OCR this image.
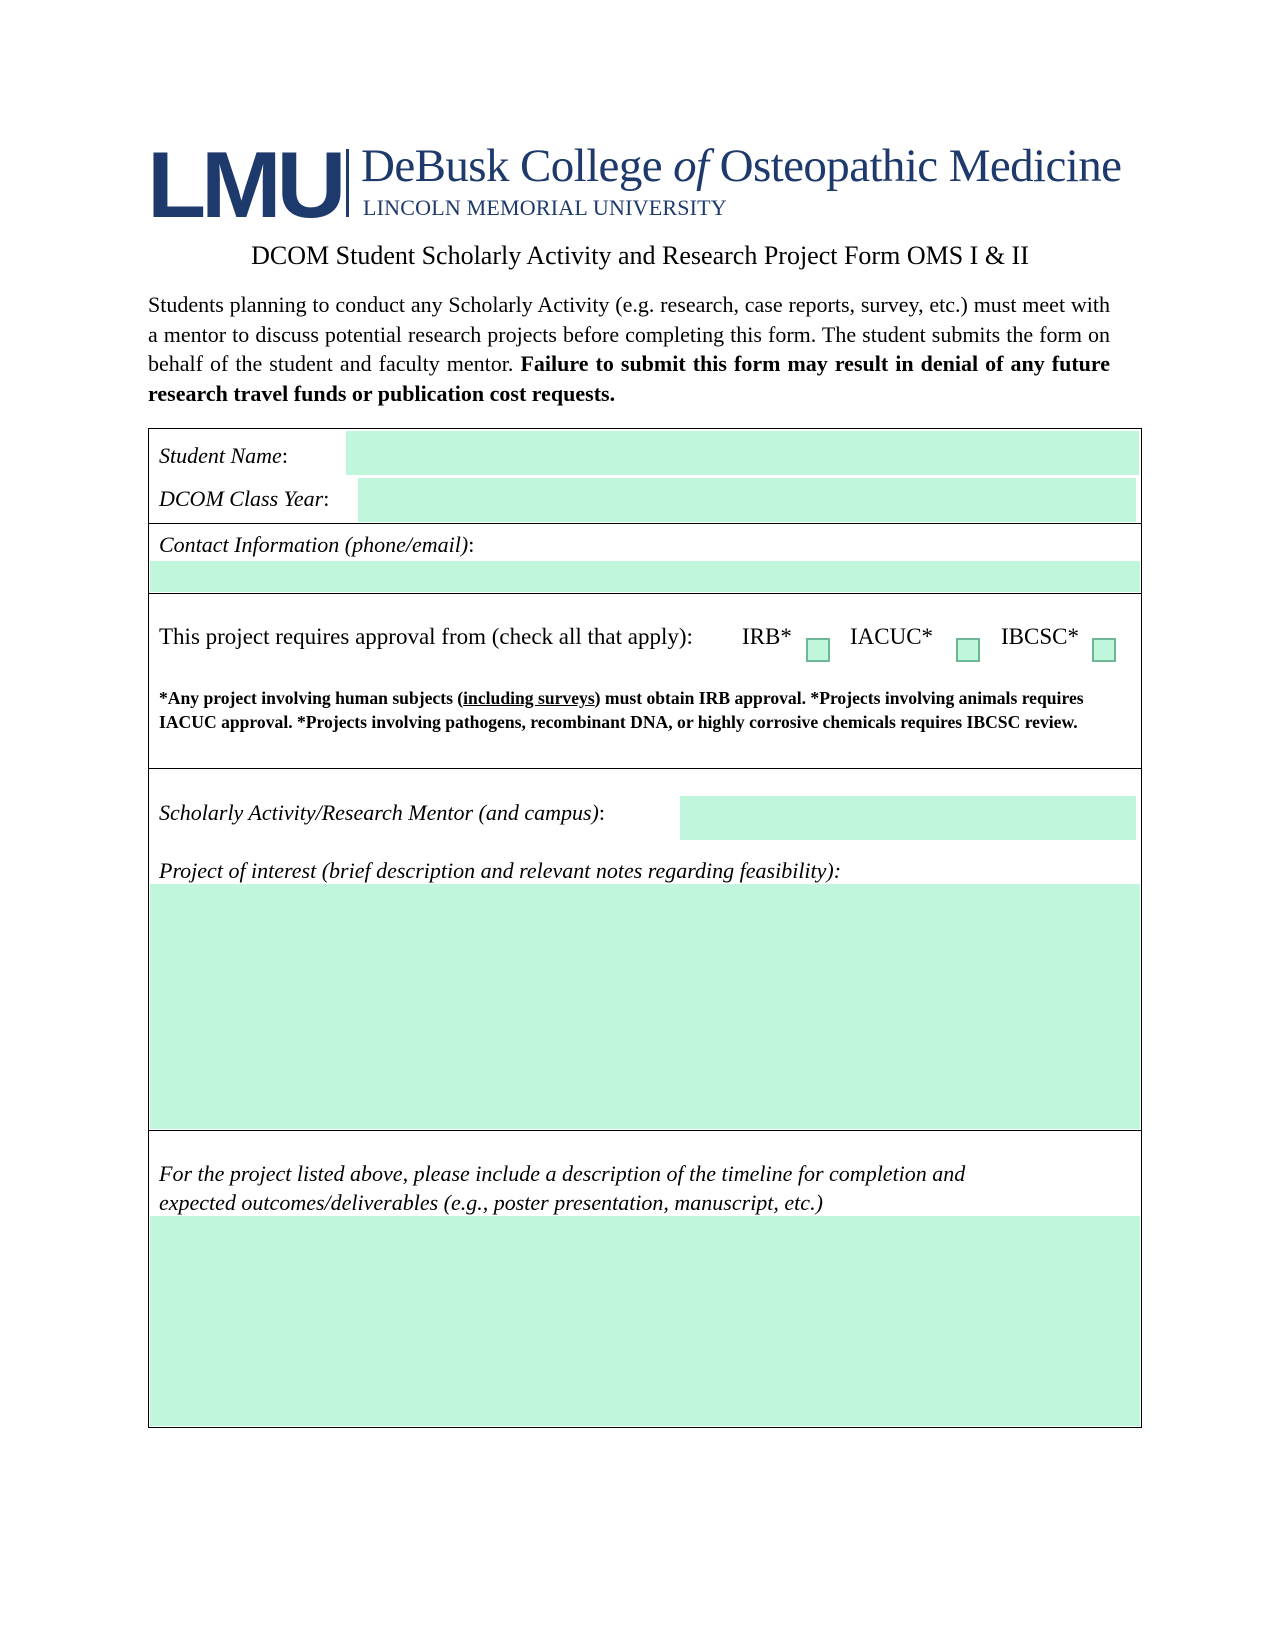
LMU DeBusk College of Osteopathic Medicine
LINCOLN MEMORIAL UNIVERSITY
DCOM Student Scholarly Activity and Research Project Form OMS I & II
Students planning to conduct any Scholarly Activity (e.g. research, case reports, survey, etc.) must meet with a mentor to discuss potential research projects before completing this form. The student submits the form on behalf of the student and faculty mentor. Failure to submit this form may result in denial of any future research travel funds or publication cost requests.
Student Name:
DCOM Class Year:
Contact Information (phone/email):
This project requires approval from (check all that apply): IRB*	IACUC*	IBCSC*
*Any project involving human subjects (including surveys) must obtain IRB approval. *Projects involving animals requires IACUC approval. *Projects involving pathogens, recombinant DNA, or highly corrosive chemicals requires IBCSC review.
Scholarly Activity/Research Mentor (and campus):
Project of interest (brief description and relevant notes regarding feasibility):
For the project listed above, please include a description of the timeline for completion and
expected outcomes/deliverables (e.g., poster presentation, manuscript, etc.)
